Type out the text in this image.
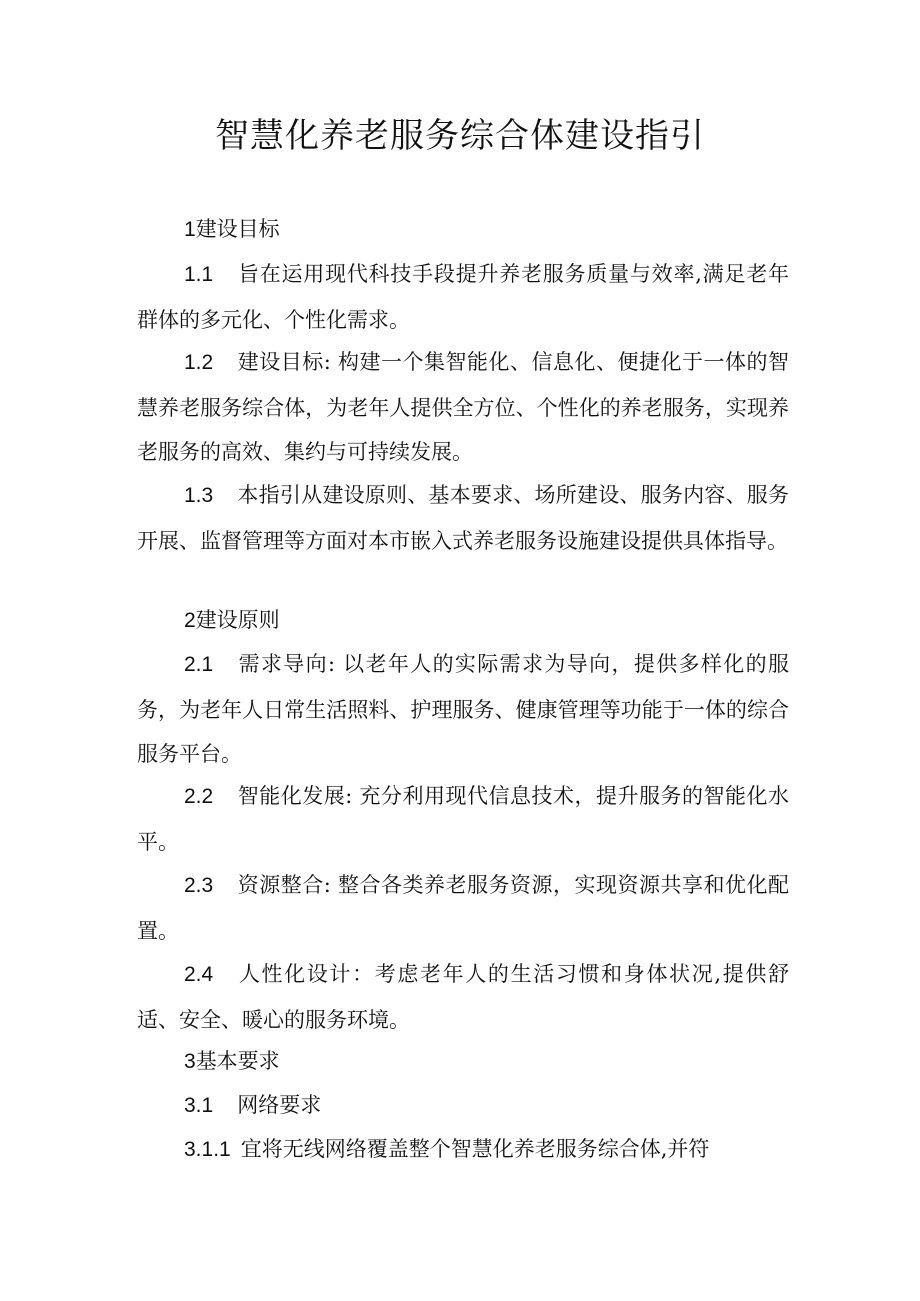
智慧化养老服务综合体建设指引

1建设目标

1.1 旨在运用现代科技手段提升养老服务质量与效率,满足老年群体的多元化、个性化需求。

1.2 建设目标: 构建一个集智能化、信息化、便捷化于一体的智慧养老服务综合体，为老年人提供全方位、个性化的养老服务，实现养老服务的高效、集约与可持续发展。

1.3 本指引从建设原则、基本要求、场所建设、服务内容、服务开展、监督管理等方面对本市嵌入式养老服务设施建设提供具体指导。

2建设原则

2.1 需求导向: 以老年人的实际需求为导向，提供多样化的服务，为老年人日常生活照料、护理服务、健康管理等功能于一体的综合服务平台。

2.2 智能化发展: 充分利用现代信息技术，提升服务的智能化水平。

2.3 资源整合: 整合各类养老服务资源，实现资源共享和优化配置。

2.4 人性化设计：考虑老年人的生活习惯和身体状况,提供舒适、安全、暖心的服务环境。

3基本要求

3.1 网络要求

3.1.1 宜将无线网络覆盖整个智慧化养老服务综合体,并符
